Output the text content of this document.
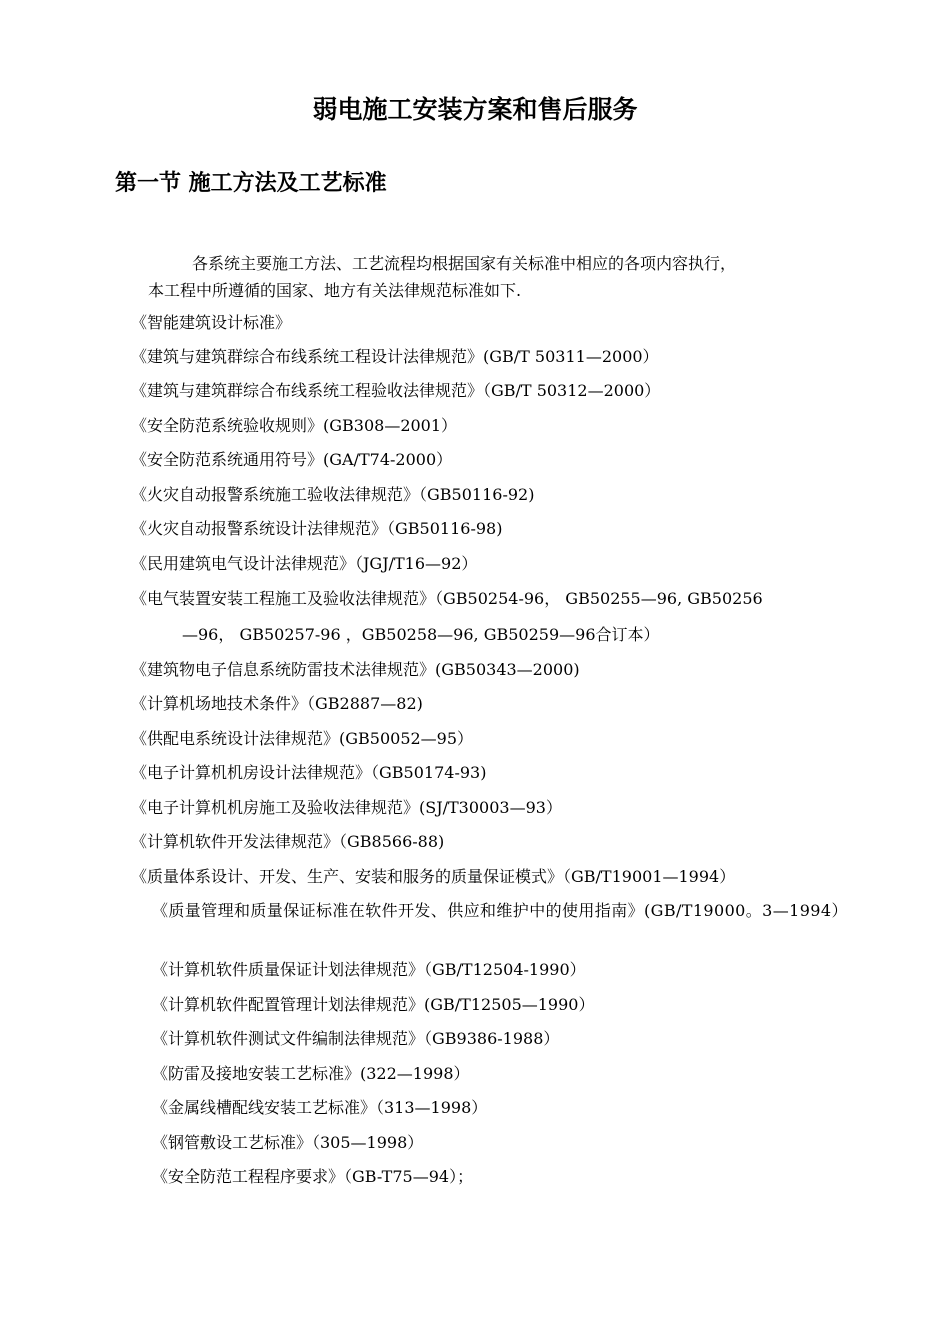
弱电施工安装方案和售后服务
第一节 施工方法及工艺标准
各系统主要施工方法、工艺流程均根据国家有关标准中相应的各项内容执行，
本工程中所遵循的国家、地方有关法律规范标准如下.
《智能建筑设计标准》
《建筑与建筑群综合布线系统工程设计法律规范》(GB/T 50311—2000）
《建筑与建筑群综合布线系统工程验收法律规范》（GB/T 50312—2000）
《安全防范系统验收规则》(GB308—2001）
《安全防范系统通用符号》(GA/T74-2000）
《火灾自动报警系统施工验收法律规范》（GB50116-92)
《火灾自动报警系统设计法律规范》（GB50116-98)
《民用建筑电气设计法律规范》（JGJ/T16—92）
《电气装置安装工程施工及验收法律规范》（GB50254-96， GB50255—96, GB50256
—96， GB50257-96 ，GB50258—96, GB50259—96合订本）
《建筑物电子信息系统防雷技术法律规范》(GB50343—2000)
《计算机场地技术条件》（GB2887—82)
《供配电系统设计法律规范》(GB50052—95）
《电子计算机机房设计法律规范》（GB50174-93)
《电子计算机机房施工及验收法律规范》(SJ/T30003—93）
《计算机软件开发法律规范》（GB8566-88)
《质量体系设计、开发、生产、安装和服务的质量保证模式》（GB/T19001—1994）
《质量管理和质量保证标准在软件开发、供应和维护中的使用指南》(GB/T19000。3—1994）
《计算机软件质量保证计划法律规范》（GB/T12504-1990）
《计算机软件配置管理计划法律规范》(GB/T12505—1990）
《计算机软件测试文件编制法律规范》（GB9386-1988）
《防雷及接地安装工艺标准》(322—1998）
《金属线槽配线安装工艺标准》（313—1998）
《钢管敷设工艺标准》（305—1998）
《安全防范工程程序要求》（GB-T75—94）；
